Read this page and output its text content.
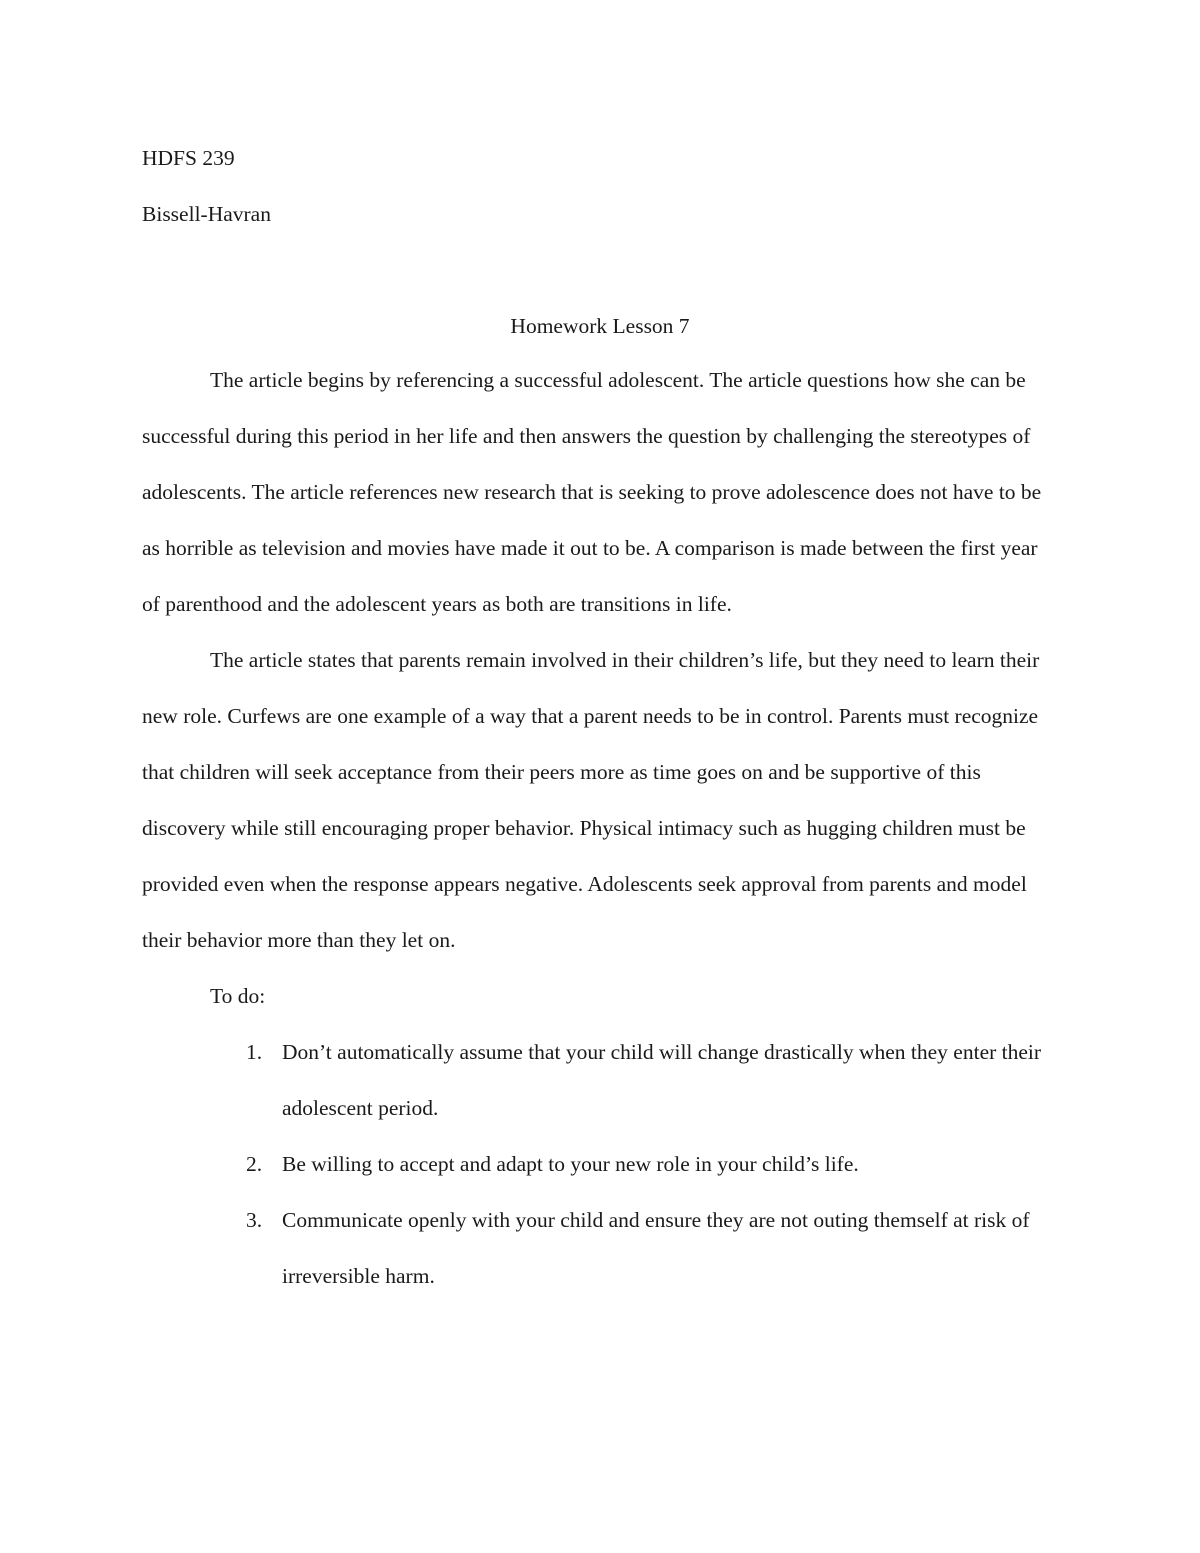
HDFS 239

Bissell-Havran

Homework Lesson 7

The article begins by referencing a successful adolescent. The article questions how she can be successful during this period in her life and then answers the question by challenging the stereotypes of adolescents. The article references new research that is seeking to prove adolescence does not have to be as horrible as television and movies have made it out to be. A comparison is made between the first year of parenthood and the adolescent years as both are transitions in life.

The article states that parents remain involved in their children’s life, but they need to learn their new role. Curfews are one example of a way that a parent needs to be in control. Parents must recognize that children will seek acceptance from their peers more as time goes on and be supportive of this discovery while still encouraging proper behavior. Physical intimacy such as hugging children must be provided even when the response appears negative. Adolescents seek approval from parents and model their behavior more than they let on.

To do:

1. Don’t automatically assume that your child will change drastically when they enter their adolescent period.
2. Be willing to accept and adapt to your new role in your child’s life.
3. Communicate openly with your child and ensure they are not outing themself at risk of irreversible harm.
